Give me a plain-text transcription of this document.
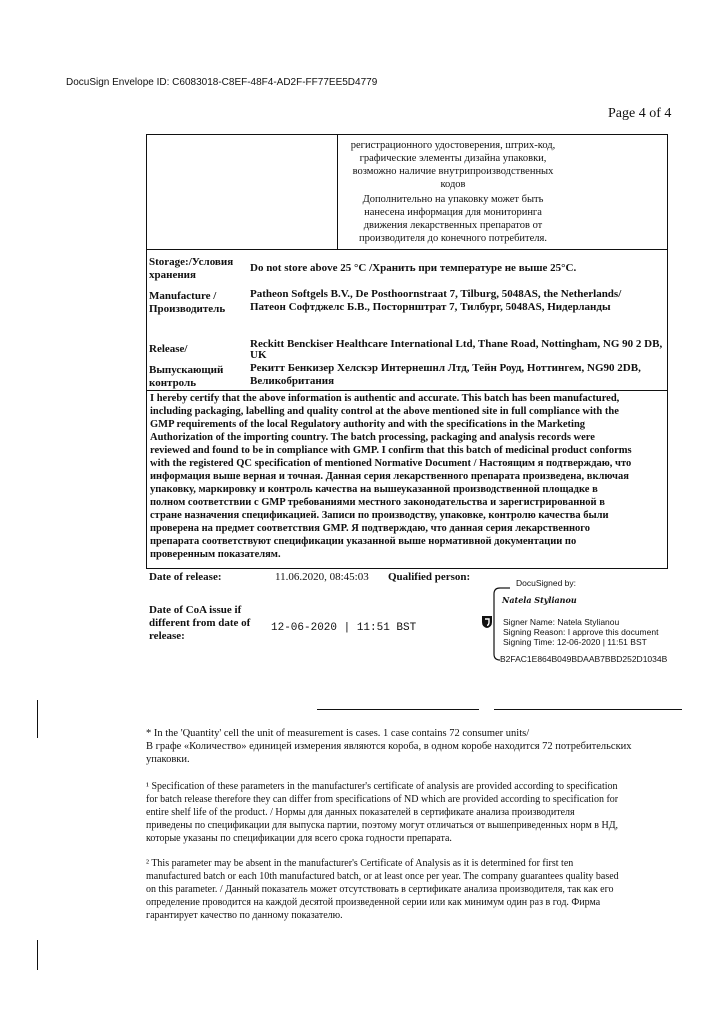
DocuSign Envelope ID: C6083018-C8EF-48F4-AD2F-FF77EE5D4779
Page 4 of 4
регистрационного удостоверения, штрих-код,
графические элементы дизайна упаковки,
возможно наличие внутрипроизводственных
кодов
Дополнительно на упаковку может быть
нанесена информация для мониторинга
движения лекарственных препаратов от
производителя до конечного потребителя.
Storage:/Условия
хранения
Do not store above 25 °C /Хранить при температуре не выше 25°C.
Manufacture /
Производитель
Patheon Softgels B.V., De Posthoornstraat 7, Tilburg, 5048AS, the Netherlands/
Патеон Софтджелс Б.В., Посторнштрат 7, Тилбург, 5048AS, Нидерланды
Release/
Выпускающий
контроль
Reckitt Benckiser Healthcare International Ltd, Thane Road, Nottingham, NG 90 2 DB,
UK
Рекитт Бенкизер Хелскэр Интернешнл Лтд, Тейн Роуд, Ноттингем, NG90 2DB,
Великобритания
I hereby certify that the above information is authentic and accurate. This batch has been manufactured,
including packaging, labelling and quality control at the above mentioned site in full compliance with the
GMP requirements of the local Regulatory authority and with the specifications in the Marketing
Authorization of the importing country. The batch processing, packaging and analysis records were
reviewed and found to be in compliance with GMP. I confirm that this batch of medicinal product conforms
with the registered QC specification of mentioned Normative Document / Настоящим я подтверждаю, что
информация выше верная и точная. Данная серия лекарственного препарата произведена, включая
упаковку, маркировку и контроль качества на вышеуказанной производственной площадке в
полном соответствии с GMP требованиями местного законодательства и зарегистрированной в
стране назначения спецификацией. Записи по производству, упаковке, контролю качества были
проверена на предмет соответствия GMP. Я подтверждаю, что данная серия лекарственного
препарата соответствуют спецификации указанной выше нормативной документации по
проверенным показателям.
Date of release:	11.06.2020, 08:45:03 Qualified person:
Date of CoA issue if
different from date of
release:
12-06-2020 | 11:51 BST
DocuSigned by:
Natela Stylianou
Signer Name: Natela Stylianou
Signing Reason: I approve this document
Signing Time: 12-06-2020 | 11:51 BST
B2FAC1E864B049BDAAB7BBD252D1034B
* In the 'Quantity' cell the unit of measurement is cases. 1 case contains 72 consumer units/
В графе «Количество» единицей измерения являются короба, в одном коробе находится 72 потребительских
упаковки.
¹ Specification of these parameters in the manufacturer's certificate of analysis are provided according to specification
for batch release therefore they can differ from specifications of ND which are provided according to specification for
entire shelf life of the product. / Нормы для данных показателей в сертификате анализа производителя
приведены по спецификации для выпуска партии, поэтому могут отличаться от вышеприведенных норм в НД,
которые указаны по спецификации для всего срока годности препарата.
² This parameter may be absent in the manufacturer's Certificate of Analysis as it is determined for first ten
manufactured batch or each 10th manufactured batch, or at least once per year. The company guarantees quality based
on this parameter. / Данный показатель может отсутствовать в сертификате анализа производителя, так как его
определение проводится на каждой десятой произведенной серии или как минимум один раз в год. Фирма
гарантирует качество по данному показателю.
